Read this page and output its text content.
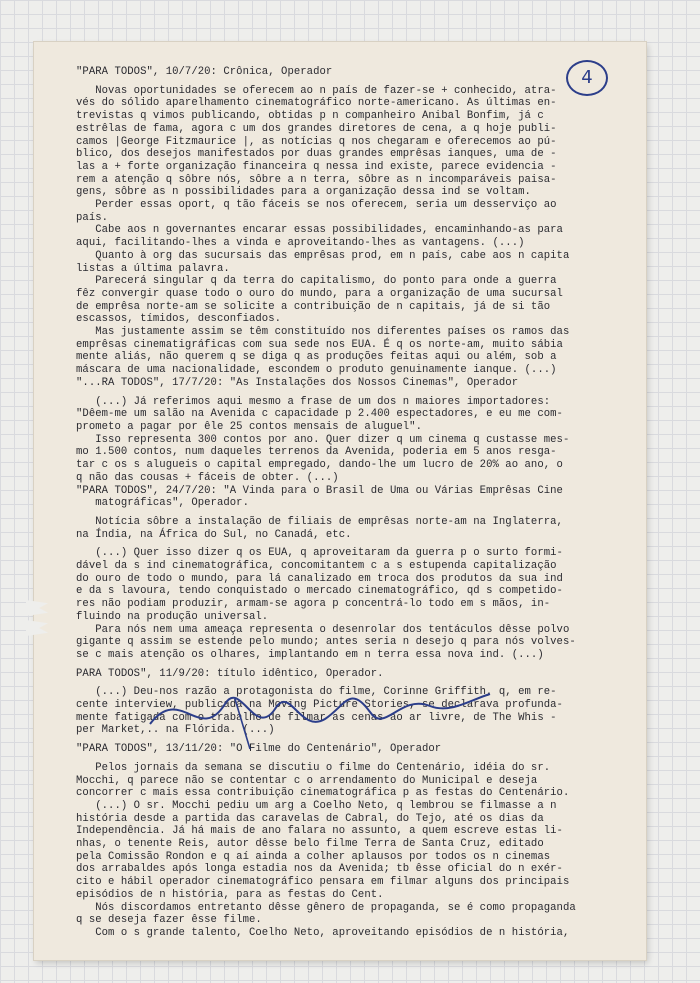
4

"PARA TODOS", 10/7/20: Crônica, Operador

Novas oportunidades se oferecem ao n país de fazer-se + conhecido, atra-

vés do sólido aparelhamento cinematográfico norte-americano. As últimas en-

trevistas q vimos publicando, obtidas p n companheiro Anibal Bonfim, já c

estrêlas de fama, agora c um dos grandes diretores de cena, a q hoje publi-

camos |George Fitzmaurice |, as notícias q nos chegaram e oferecemos ao pú-

blico, dos desejos manifestados por duas grandes emprêsas ianques, uma de -

las a + forte organização financeira q nessa ind existe, parece evidencia -

rem a atenção q sôbre nós, sôbre a n terra, sôbre as n incomparáveis paisa-

gens, sôbre as n possibilidades para a organização dessa ind se voltam.

Perder essas oport, q tão fáceis se nos oferecem, seria um desserviço ao

país.

Cabe aos n governantes encarar essas possibilidades, encaminhando-as para

aqui, facilitando-lhes a vinda e aproveitando-lhes as vantagens. (...)

Quanto à org das sucursais das emprêsas prod, em n país, cabe aos n capita

listas a última palavra.

Parecerá singular q da terra do capitalismo, do ponto para onde a guerra

fêz convergir quase todo o ouro do mundo, para a organização de uma sucursal

de emprêsa norte-am se solicite a contribuição de n capitais, já de si tão

escassos, tímidos, desconfiados.

Mas justamente assim se têm constituído nos diferentes países os ramos das

emprêsas cinematigráficas com sua sede nos EUA. É q os norte-am, muito sábia

mente aliás, não querem q se diga q as produções feitas aqui ou além, sob a

máscara de uma nacionalidade, escondem o produto genuinamente ianque. (...)

"...RA TODOS", 17/7/20: "As Instalações dos Nossos Cinemas", Operador

(...) Já referimos aqui mesmo a frase de um dos n maiores importadores:

"Dêem-me um salão na Avenida c capacidade p 2.400 espectadores, e eu me com-

prometo a pagar por êle 25 contos mensais de aluguel".

Isso representa 300 contos por ano. Quer dizer q um cinema q custasse mes-

mo 1.500 contos, num daqueles terrenos da Avenida, poderia em 5 anos resga-

tar c os s alugueis o capital empregado, dando-lhe um lucro de 20% ao ano, o

q não das cousas + fáceis de obter. (...)

"PARA TODOS", 24/7/20: "A Vinda para o Brasil de Uma ou Várias Emprêsas Cine

matográficas", Operador.

Notícia sôbre a instalação de filiais de emprêsas norte-am na Inglaterra,

na Índia, na África do Sul, no Canadá, etc.

(...) Quer isso dizer q os EUA, q aproveitaram da guerra p o surto formi-

dável da s ind cinematográfica, concomitantem c a s estupenda capitalização

do ouro de todo o mundo, para lá canalizado em troca dos produtos da sua ind

e da s lavoura, tendo conquistado o mercado cinematográfico, qd s competido-

res não podiam produzir, armam-se agora p concentrá-lo todo em s mãos, in-

fluindo na produção universal.

Para nós nem uma ameaça representa o desenrolar dos tentáculos dêsse polvo

gigante q assim se estende pelo mundo; antes seria n desejo q para nós volves-

se c mais atenção os olhares, implantando em n terra essa nova ind. (...)

PARA TODOS", 11/9/20: título idêntico, Operador.

(...) Deu-nos razão a protagonista do filme, Corinne Griffith, q, em re-

cente interview, publicada na Moving Picture Stories, se declarava profunda-

mente fatigada com o trabalho de filmar as cenas ao ar livre, de The Whis -

per Market,.. na Flórida. (...)

"PARA TODOS", 13/11/20: "O Filme do Centenário", Operador

Pelos jornais da semana se discutiu o filme do Centenário, idéia do sr.

Mocchi, q parece não se contentar c o arrendamento do Municipal e deseja

concorrer c mais essa contribuição cinematográfica p as festas do Centenário.

(...) O sr. Mocchi pediu um arg a Coelho Neto, q lembrou se filmasse a n

história desde a partida das caravelas de Cabral, do Tejo, até os dias da

Independência. Já há mais de ano falara no assunto, a quem escreve estas li-

nhas, o tenente Reis, autor dêsse belo filme Terra de Santa Cruz, editado

pela Comissão Rondon e q aí ainda a colher aplausos por todos os n cinemas

dos arrabaldes após longa estadia nos da Avenida; tb êsse oficial do n exér-

cito e hábil operador cinematográfico pensara em filmar alguns dos principais

episódios de n história, para as festas do Cent.

Nós discordamos entretanto dêsse gênero de propaganda, se é como propaganda

q se deseja fazer êsse filme.

Com o s grande talento, Coelho Neto, aproveitando episódios de n história,
